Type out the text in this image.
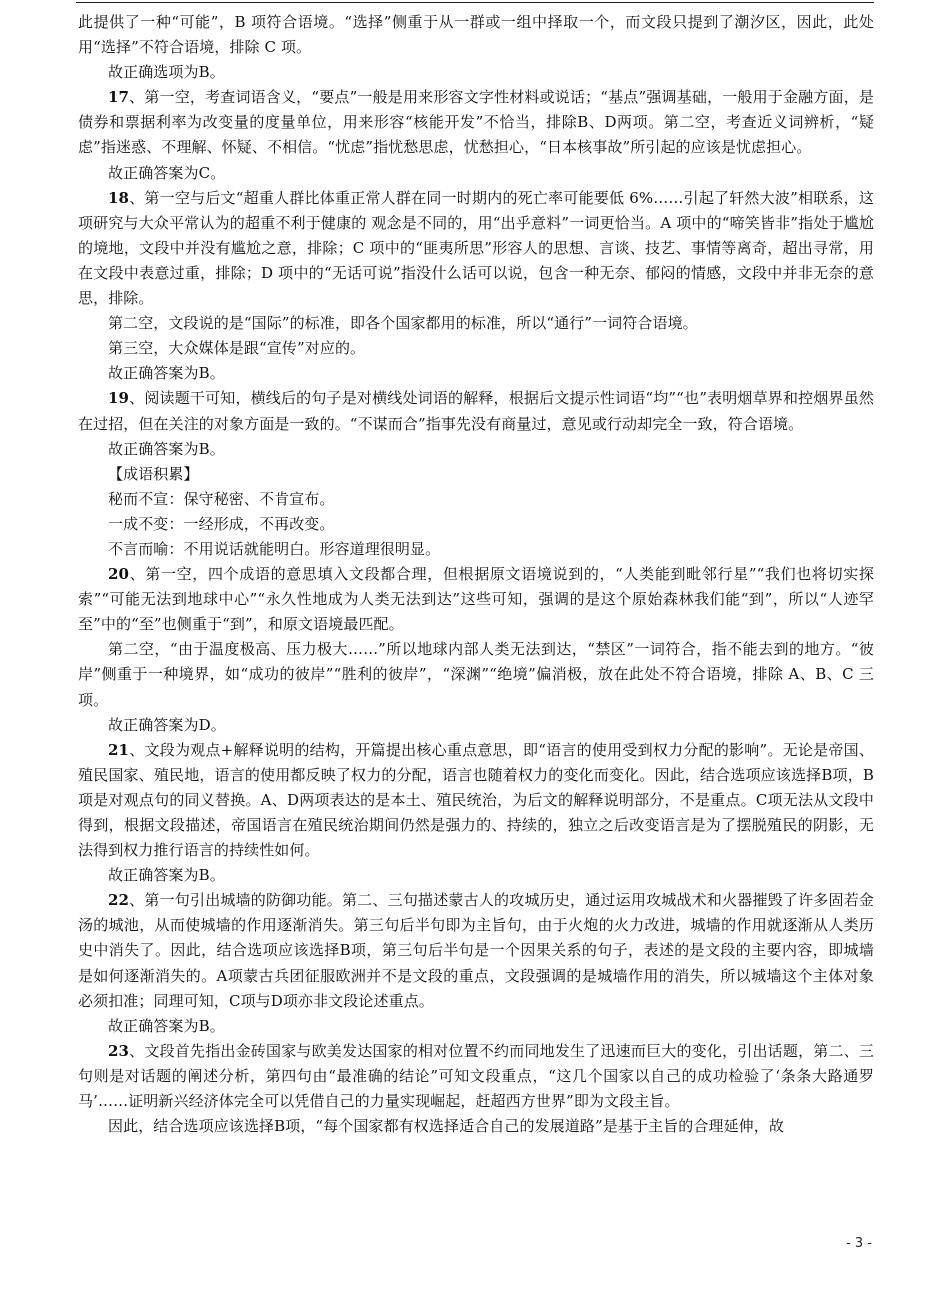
此提供了一种“可能”，B 项符合语境。“选择”侧重于从一群或一组中择取一个，而文段只提到了潮汐区，因此，此处用“选择”不符合语境，排除 C 项。

故正确选项为B。

17、第一空，考查词语含义，“要点”一般是用来形容文字性材料或说话；“基点”强调基础，一般用于金融方面，是债券和票据利率为改变量的度量单位，用来形容“核能开发”不恰当，排除B、D两项。第二空，考查近义词辨析，“疑虑”指迷惑、不理解、怀疑、不相信。“忧虑”指忧愁思虑，忧愁担心，“日本核事故”所引起的应该是忧虑担心。

故正确答案为C。

18、第一空与后文“超重人群比体重正常人群在同一时期内的死亡率可能要低 6%……引起了轩然大波”相联系，这项研究与大众平常认为的超重不利于健康的 观念是不同的，用“出乎意料”一词更恰当。A 项中的“啼笑皆非”指处于尴尬的境地，文段中并没有尴尬之意，排除；C 项中的“匪夷所思”形容人的思想、言谈、技艺、事情等离奇，超出寻常，用在文段中表意过重，排除；D 项中的“无话可说”指没什么话可以说，包含一种无奈、郁闷的情感，文段中并非无奈的意思，排除。

第二空，文段说的是“国际”的标准，即各个国家都用的标准，所以“通行”一词符合语境。

第三空，大众媒体是跟“宣传”对应的。

故正确答案为B。

19、阅读题干可知，横线后的句子是对横线处词语的解释，根据后文提示性词语“均”“也”表明烟草界和控烟界虽然在过招，但在关注的对象方面是一致的。“不谋而合”指事先没有商量过，意见或行动却完全一致，符合语境。

故正确答案为B。

【成语积累】

秘而不宣：保守秘密、不肯宣布。

一成不变：一经形成，不再改变。

不言而喻：不用说话就能明白。形容道理很明显。

20、第一空，四个成语的意思填入文段都合理，但根据原文语境说到的，“人类能到毗邻行星”“我们也将切实探索”“可能无法到地球中心”“永久性地成为人类无法到达”这些可知，强调的是这个原始森林我们能“到”，所以“人迹罕至”中的“至”也侧重于“到”，和原文语境最匹配。

第二空，“由于温度极高、压力极大……”所以地球内部人类无法到达，“禁区”一词符合，指不能去到的地方。“彼岸”侧重于一种境界，如“成功的彼岸”“胜利的彼岸”，“深渊”“绝境”偏消极，放在此处不符合语境，排除 A、B、C 三项。

故正确答案为D。

21、文段为观点+解释说明的结构，开篇提出核心重点意思，即“语言的使用受到权力分配的影响”。无论是帝国、殖民国家、殖民地，语言的使用都反映了权力的分配，语言也随着权力的变化而变化。因此，结合选项应该选择B项，B项是对观点句的同义替换。A、D两项表达的是本土、殖民统治，为后文的解释说明部分，不是重点。C项无法从文段中得到，根据文段描述，帝国语言在殖民统治期间仍然是强力的、持续的，独立之后改变语言是为了摆脱殖民的阴影，无法得到权力推行语言的持续性如何。

故正确答案为B。

22、第一句引出城墙的防御功能。第二、三句描述蒙古人的攻城历史，通过运用攻城战术和火器摧毁了许多固若金汤的城池，从而使城墙的作用逐渐消失。第三句后半句即为主旨句，由于火炮的火力改进，城墙的作用就逐渐从人类历史中消失了。因此，结合选项应该选择B项，第三句后半句是一个因果关系的句子，表述的是文段的主要内容，即城墙是如何逐渐消失的。A项蒙古兵团征服欧洲并不是文段的重点，文段强调的是城墙作用的消失，所以城墙这个主体对象必须扣准；同理可知，C项与D项亦非文段论述重点。

故正确答案为B。

23、文段首先指出金砖国家与欧美发达国家的相对位置不约而同地发生了迅速而巨大的变化，引出话题，第二、三句则是对话题的阐述分析，第四句由“最准确的结论”可知文段重点，“这几个国家以自己的成功检验了‘条条大路通罗马’……证明新兴经济体完全可以凭借自己的力量实现崛起，赶超西方世界”即为文段主旨。

因此，结合选项应该选择B项，“每个国家都有权选择适合自己的发展道路”是基于主旨的合理延伸，故

- 3 -
